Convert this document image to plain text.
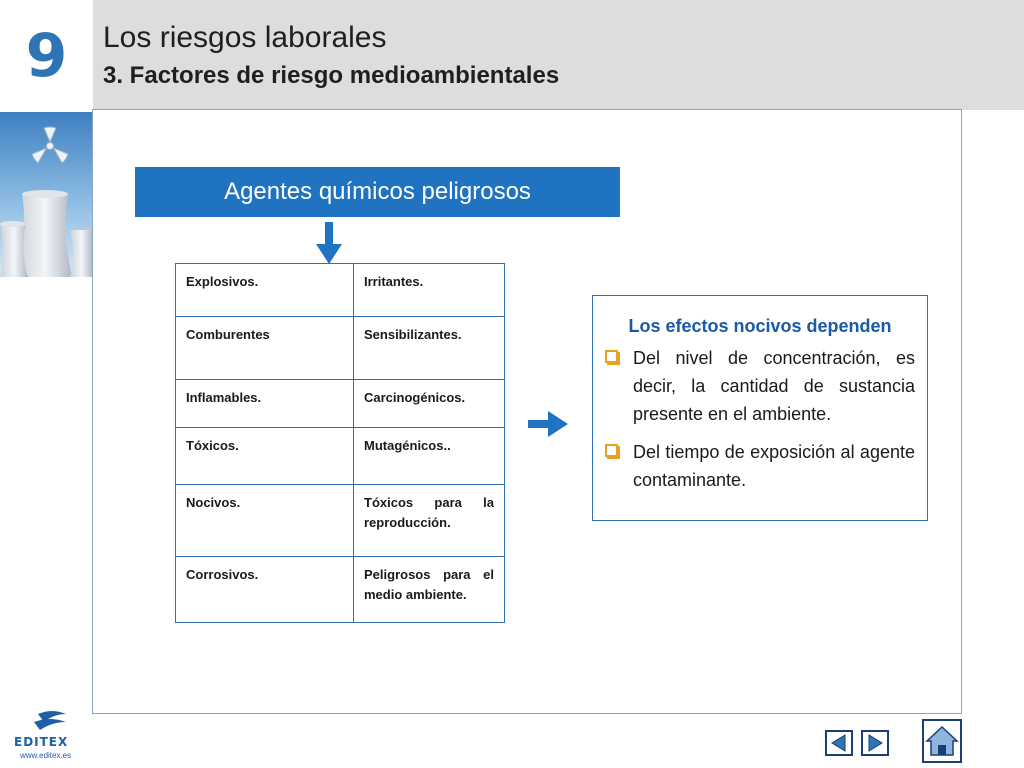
9	Los riesgos laborales
3. Factores de riesgo medioambientales
Agentes químicos peligrosos
Explosivos.	Irritantes.
Comburentes	Sensibilizantes.
Inflamables.	Carcinogénicos.
Tóxicos.	Mutagénicos..
Nocivos.	Tóxicos para la reproducción.
Corrosivos.	Peligrosos para el medio ambiente.
Los efectos nocivos dependen
Del nivel de concentración, es decir, la cantidad de sustancia presente en el ambiente.
Del tiempo de exposición al agente contaminante.
EDITEX
www.editex.es
